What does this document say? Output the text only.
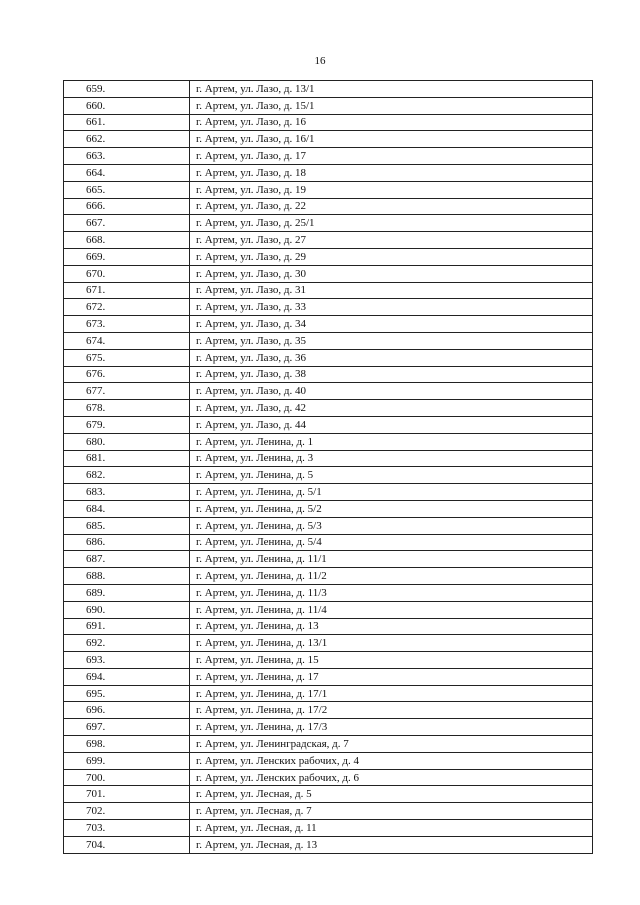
16
659.	г. Артем, ул. Лазо, д. 13/1
660.	г. Артем, ул. Лазо, д. 15/1
661.	г. Артем, ул. Лазо, д. 16
662.	г. Артем, ул. Лазо, д. 16/1
663.	г. Артем, ул. Лазо, д. 17
664.	г. Артем, ул. Лазо, д. 18
665.	г. Артем, ул. Лазо, д. 19
666.	г. Артем, ул. Лазо, д. 22
667.	г. Артем, ул. Лазо, д. 25/1
668.	г. Артем, ул. Лазо, д. 27
669.	г. Артем, ул. Лазо, д. 29
670.	г. Артем, ул. Лазо, д. 30
671.	г. Артем, ул. Лазо, д. 31
672.	г. Артем, ул. Лазо, д. 33
673.	г. Артем, ул. Лазо, д. 34
674.	г. Артем, ул. Лазо, д. 35
675.	г. Артем, ул. Лазо, д. 36
676.	г. Артем, ул. Лазо, д. 38
677.	г. Артем, ул. Лазо, д. 40
678.	г. Артем, ул. Лазо, д. 42
679.	г. Артем, ул. Лазо, д. 44
680.	г. Артем, ул. Ленина, д. 1
681.	г. Артем, ул. Ленина, д. 3
682.	г. Артем, ул. Ленина, д. 5
683.	г. Артем, ул. Ленина, д. 5/1
684.	г. Артем, ул. Ленина, д. 5/2
685.	г. Артем, ул. Ленина, д. 5/3
686.	г. Артем, ул. Ленина, д. 5/4
687.	г. Артем, ул. Ленина, д. 11/1
688.	г. Артем, ул. Ленина, д. 11/2
689.	г. Артем, ул. Ленина, д. 11/3
690.	г. Артем, ул. Ленина, д. 11/4
691.	г. Артем, ул. Ленина, д. 13
692.	г. Артем, ул. Ленина, д. 13/1
693.	г. Артем, ул. Ленина, д. 15
694.	г. Артем, ул. Ленина, д. 17
695.	г. Артем, ул. Ленина, д. 17/1
696.	г. Артем, ул. Ленина, д. 17/2
697.	г. Артем, ул. Ленина, д. 17/3
698.	г. Артем, ул. Ленинградская, д. 7
699.	г. Артем, ул. Ленских рабочих, д. 4
700.	г. Артем, ул. Ленских рабочих, д. 6
701.	г. Артем, ул. Лесная, д. 5
702.	г. Артем, ул. Лесная, д. 7
703.	г. Артем, ул. Лесная, д. 11
704.	г. Артем, ул. Лесная, д. 13
